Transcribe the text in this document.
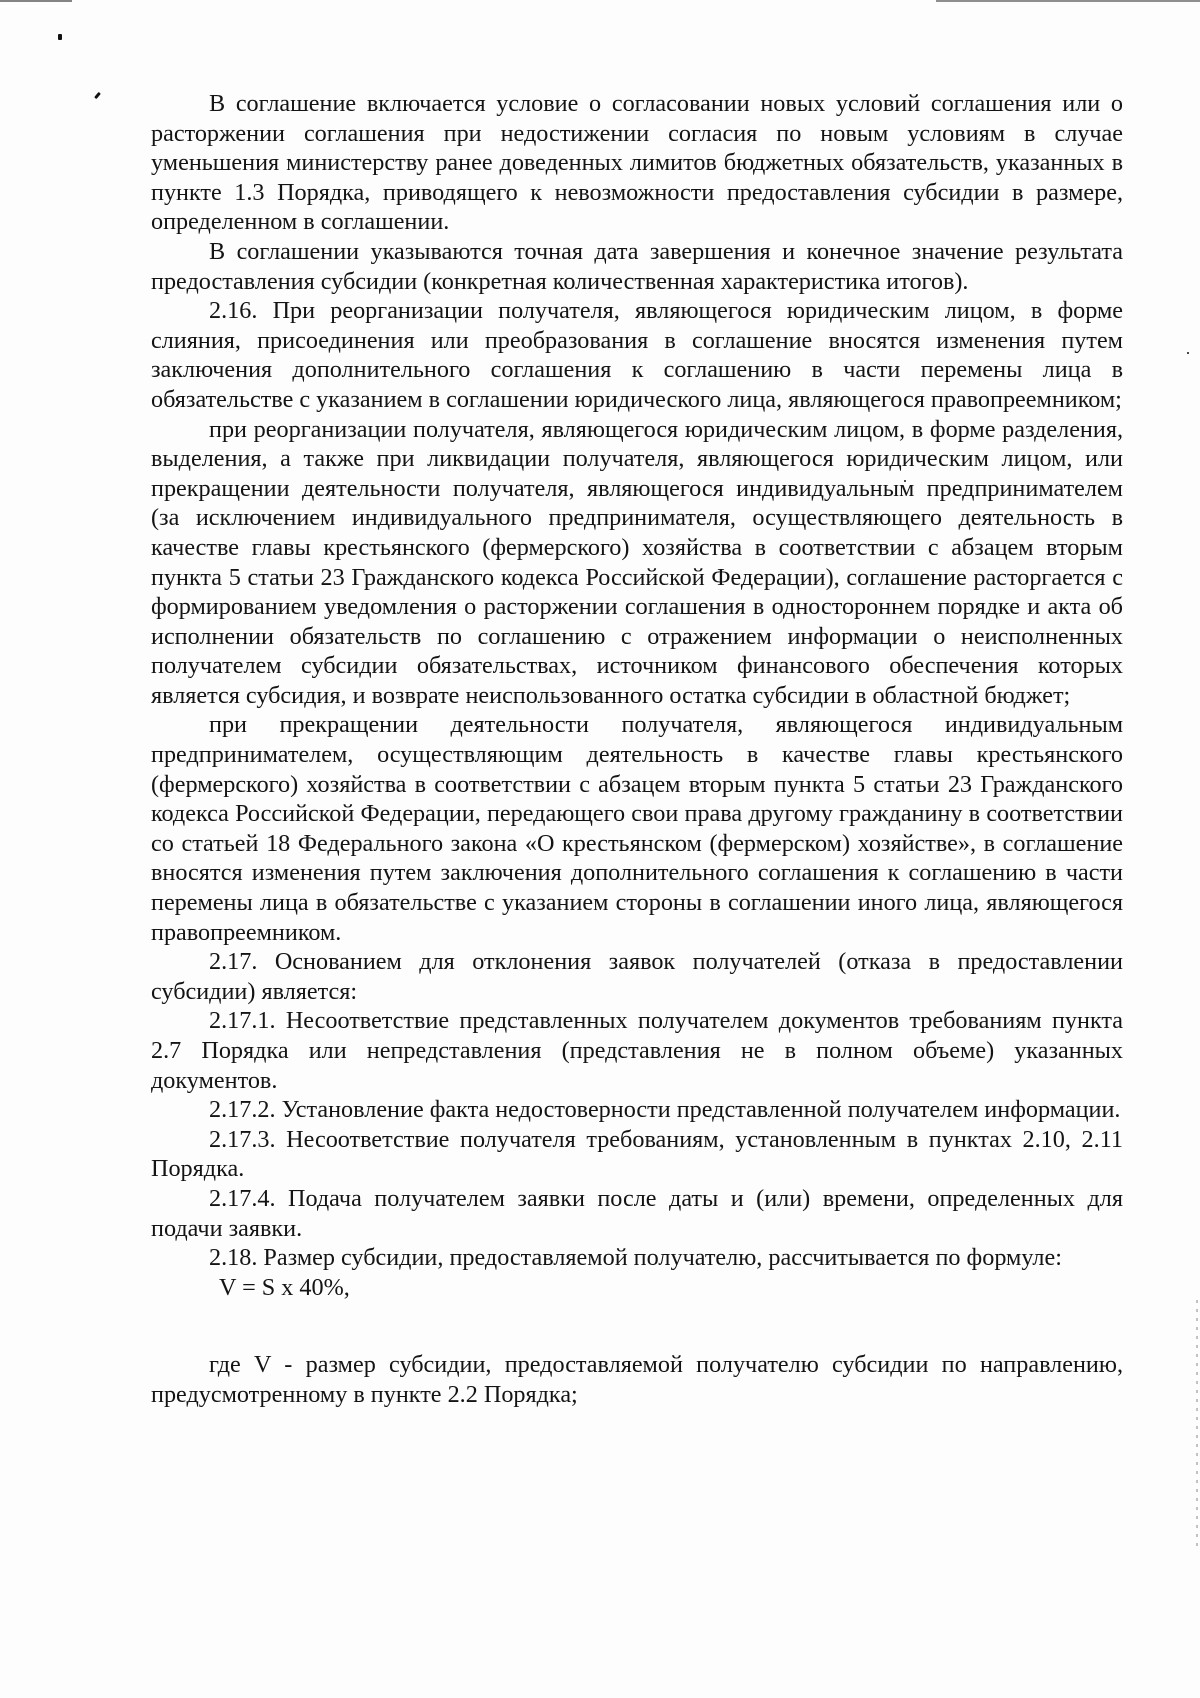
В соглашение включается условие о согласовании новых условий соглашения или о расторжении соглашения при недостижении согласия по новым условиям в случае уменьшения министерству ранее доведенных лимитов бюджетных обязательств, указанных в пункте 1.3 Порядка, приводящего к невозможности предоставления субсидии в размере, определенном в соглашении.

В соглашении указываются точная дата завершения и конечное значение результата предоставления субсидии (конкретная количественная характеристика итогов).

2.16. При реорганизации получателя, являющегося юридическим лицом, в форме слияния, присоединения или преобразования в соглашение вносятся изменения путем заключения дополнительного соглашения к соглашению в части перемены лица в обязательстве с указанием в соглашении юридического лица, являющегося правопреемником;

при реорганизации получателя, являющегося юридическим лицом, в форме разделения, выделения, а также при ликвидации получателя, являющегося юридическим лицом, или прекращении деятельности получателя, являющегося индивидуальным предпринимателем (за исключением индивидуального предпринимателя, осуществляющего деятельность в качестве главы крестьянского (фермерского) хозяйства в соответствии с абзацем вторым пункта 5 статьи 23 Гражданского кодекса Российской Федерации), соглашение расторгается с формированием уведомления о расторжении соглашения в одностороннем порядке и акта об исполнении обязательств по соглашению с отражением информации о неисполненных получателем субсидии обязательствах, источником финансового обеспечения которых является субсидия, и возврате неиспользованного остатка субсидии в областной бюджет;

при прекращении деятельности получателя, являющегося индивидуальным предпринимателем, осуществляющим деятельность в качестве главы крестьянского (фермерского) хозяйства в соответствии с абзацем вторым пункта 5 статьи 23 Гражданского кодекса Российской Федерации, передающего свои права другому гражданину в соответствии со статьей 18 Федерального закона «О крестьянском (фермерском) хозяйстве», в соглашение вносятся изменения путем заключения дополнительного соглашения к соглашению в части перемены лица в обязательстве с указанием стороны в соглашении иного лица, являющегося правопреемником.

2.17. Основанием для отклонения заявок получателей (отказа в предоставлении субсидии) является:

2.17.1. Несоответствие представленных получателем документов требованиям пункта 2.7 Порядка или непредставления (представления не в полном объеме) указанных документов.

2.17.2. Установление факта недостоверности представленной получателем информации.

2.17.3. Несоответствие получателя требованиям, установленным в пунктах 2.10, 2.11 Порядка.

2.17.4. Подача получателем заявки после даты и (или) времени, определенных для подачи заявки.

2.18. Размер субсидии, предоставляемой получателю, рассчитывается по формуле:

V = S x 40%,

где V - размер субсидии, предоставляемой получателю субсидии по направлению, предусмотренному в пункте 2.2 Порядка;
